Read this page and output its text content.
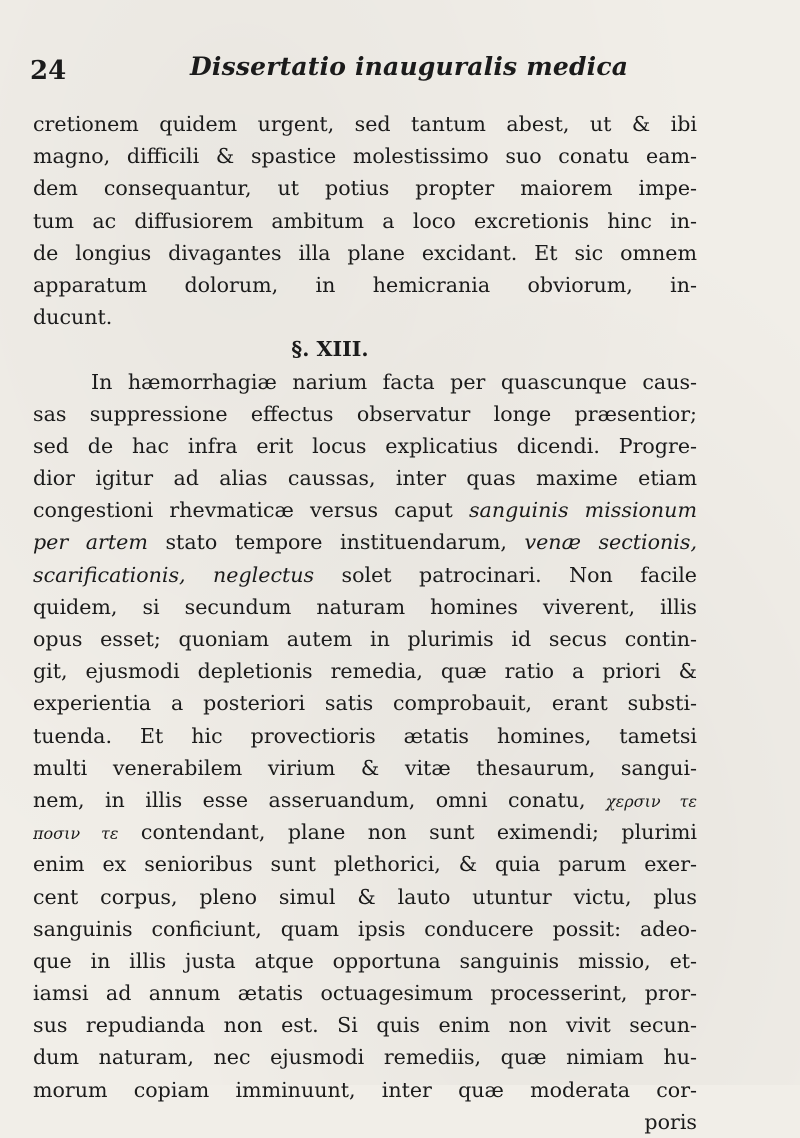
24	Dissertatio inauguralis medica
cretionem quidem urgent, sed tantum abest, ut & ibi
magno, difficili & spastice molestissimo suo conatu eam-
dem consequantur, ut potius propter maiorem impe-
tum ac diffusiorem ambitum a loco excretionis hinc in-
de longius divagantes illa plane excidant. Et sic omnem
apparatum dolorum, in hemicrania obviorum, in-
ducunt.
§. XIII.
In hæmorrhagiæ narium facta per quascunque caus-
sas suppressione effectus observatur longe præsentior;
sed de hac infra erit locus explicatius dicendi. Progre-
dior igitur ad alias caussas, inter quas maxime etiam
congestioni rhevmaticæ versus caput sanguinis missionum
per artem stato tempore instituendarum, venæ sectionis,
scarificationis, neglectus solet patrocinari. Non facile
quidem, si secundum naturam homines viverent, illis
opus esset; quoniam autem in plurimis id secus contin-
git, ejusmodi depletionis remedia, quæ ratio a priori &
experientia a posteriori satis comprobauit, erant substi-
tuenda. Et hic provectioris ætatis homines, tametsi
multi venerabilem virium & vitæ thesaurum, sangui-
nem, in illis esse asseruandum, omni conatu, χερσιν τε
ποσιν τε contendant, plane non sunt eximendi; plurimi
enim ex senioribus sunt plethorici, & quia parum exer-
cent corpus, pleno simul & lauto utuntur victu, plus
sanguinis conficiunt, quam ipsis conducere possit: adeo-
que in illis justa atque opportuna sanguinis missio, et-
iamsi ad annum ætatis octuagesimum processerint, pror-
sus repudianda non est. Si quis enim non vivit secun-
dum naturam, nec ejusmodi remediis, quæ nimiam hu-
morum copiam imminuunt, inter quæ moderata cor-
poris
